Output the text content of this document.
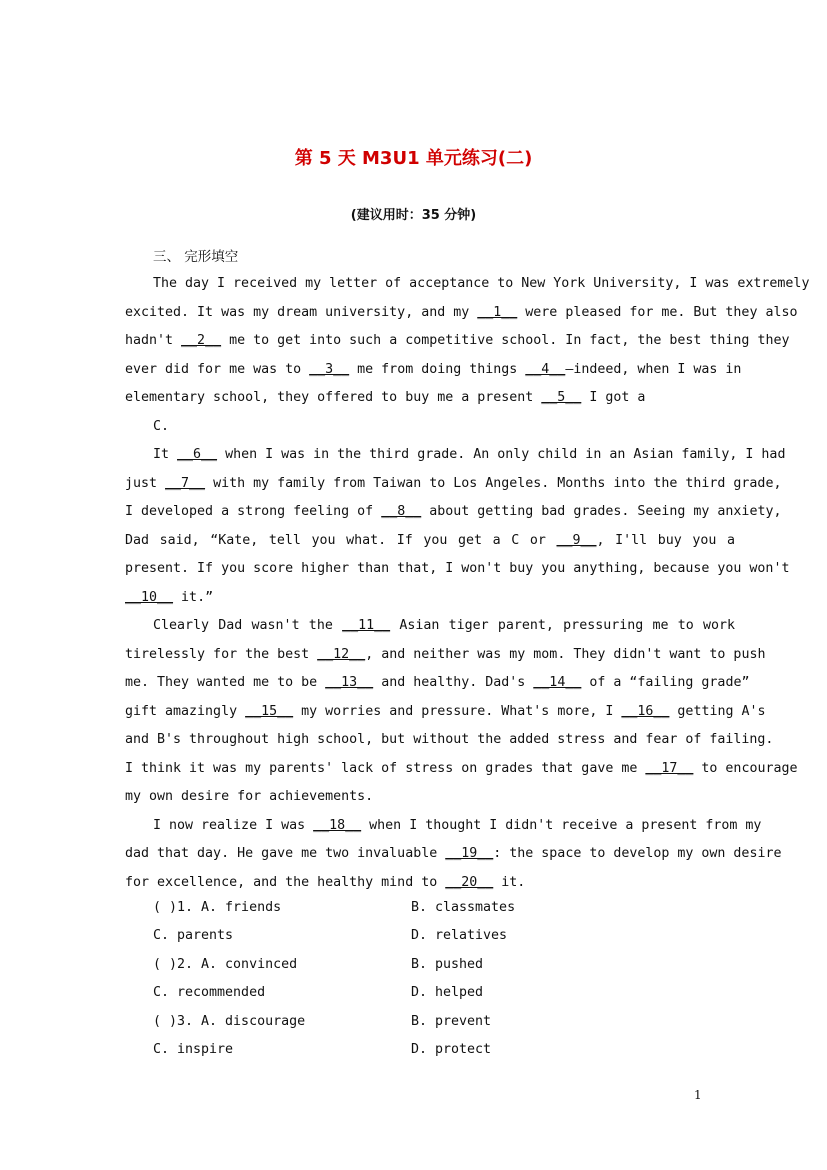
第 5 天 M3U1 单元练习(二)
(建议用时：35 分钟)
三、 完形填空
The day I received my letter of acceptance to New York University, I was extremely
excited. It was my dream university, and my __1__ were pleased for me. But they also
hadn't __2__ me to get into such a competitive school. In fact, the best thing they
ever did for me was to __3__ me from doing things __4__—indeed, when I was in
elementary school, they offered to buy me a present __5__ I got a
C.
It __6__ when I was in the third grade. An only child in an Asian family, I had
just __7__ with my family from Taiwan to Los Angeles. Months into the third grade,
I developed a strong feeling of __8__ about getting bad grades. Seeing my anxiety,
Dad said, “Kate, tell you what. If you get a C or __9__, I'll buy you a
present. If you score higher than that, I won't buy you anything, because you won't
__10__ it.”
Clearly Dad wasn't the __11__ Asian tiger parent, pressuring me to work
tirelessly for the best __12__, and neither was my mom. They didn't want to push
me. They wanted me to be __13__ and healthy. Dad's __14__ of a “failing grade”
gift amazingly __15__ my worries and pressure. What's more, I __16__ getting A's
and B's throughout high school, but without the added stress and fear of failing.
I think it was my parents' lack of stress on grades that gave me __17__ to encourage
my own desire for achievements.
I now realize I was __18__ when I thought I didn't receive a present from my
dad that day. He gave me two invaluable __19__: the space to develop my own desire
for excellence, and the healthy mind to __20__ it.
( )1. A. friends	B. classmates
C. parents	D. relatives
( )2. A. convinced	B. pushed
C. recommended	D. helped
( )3. A. discourage	B. prevent
C. inspire	D. protect
1
